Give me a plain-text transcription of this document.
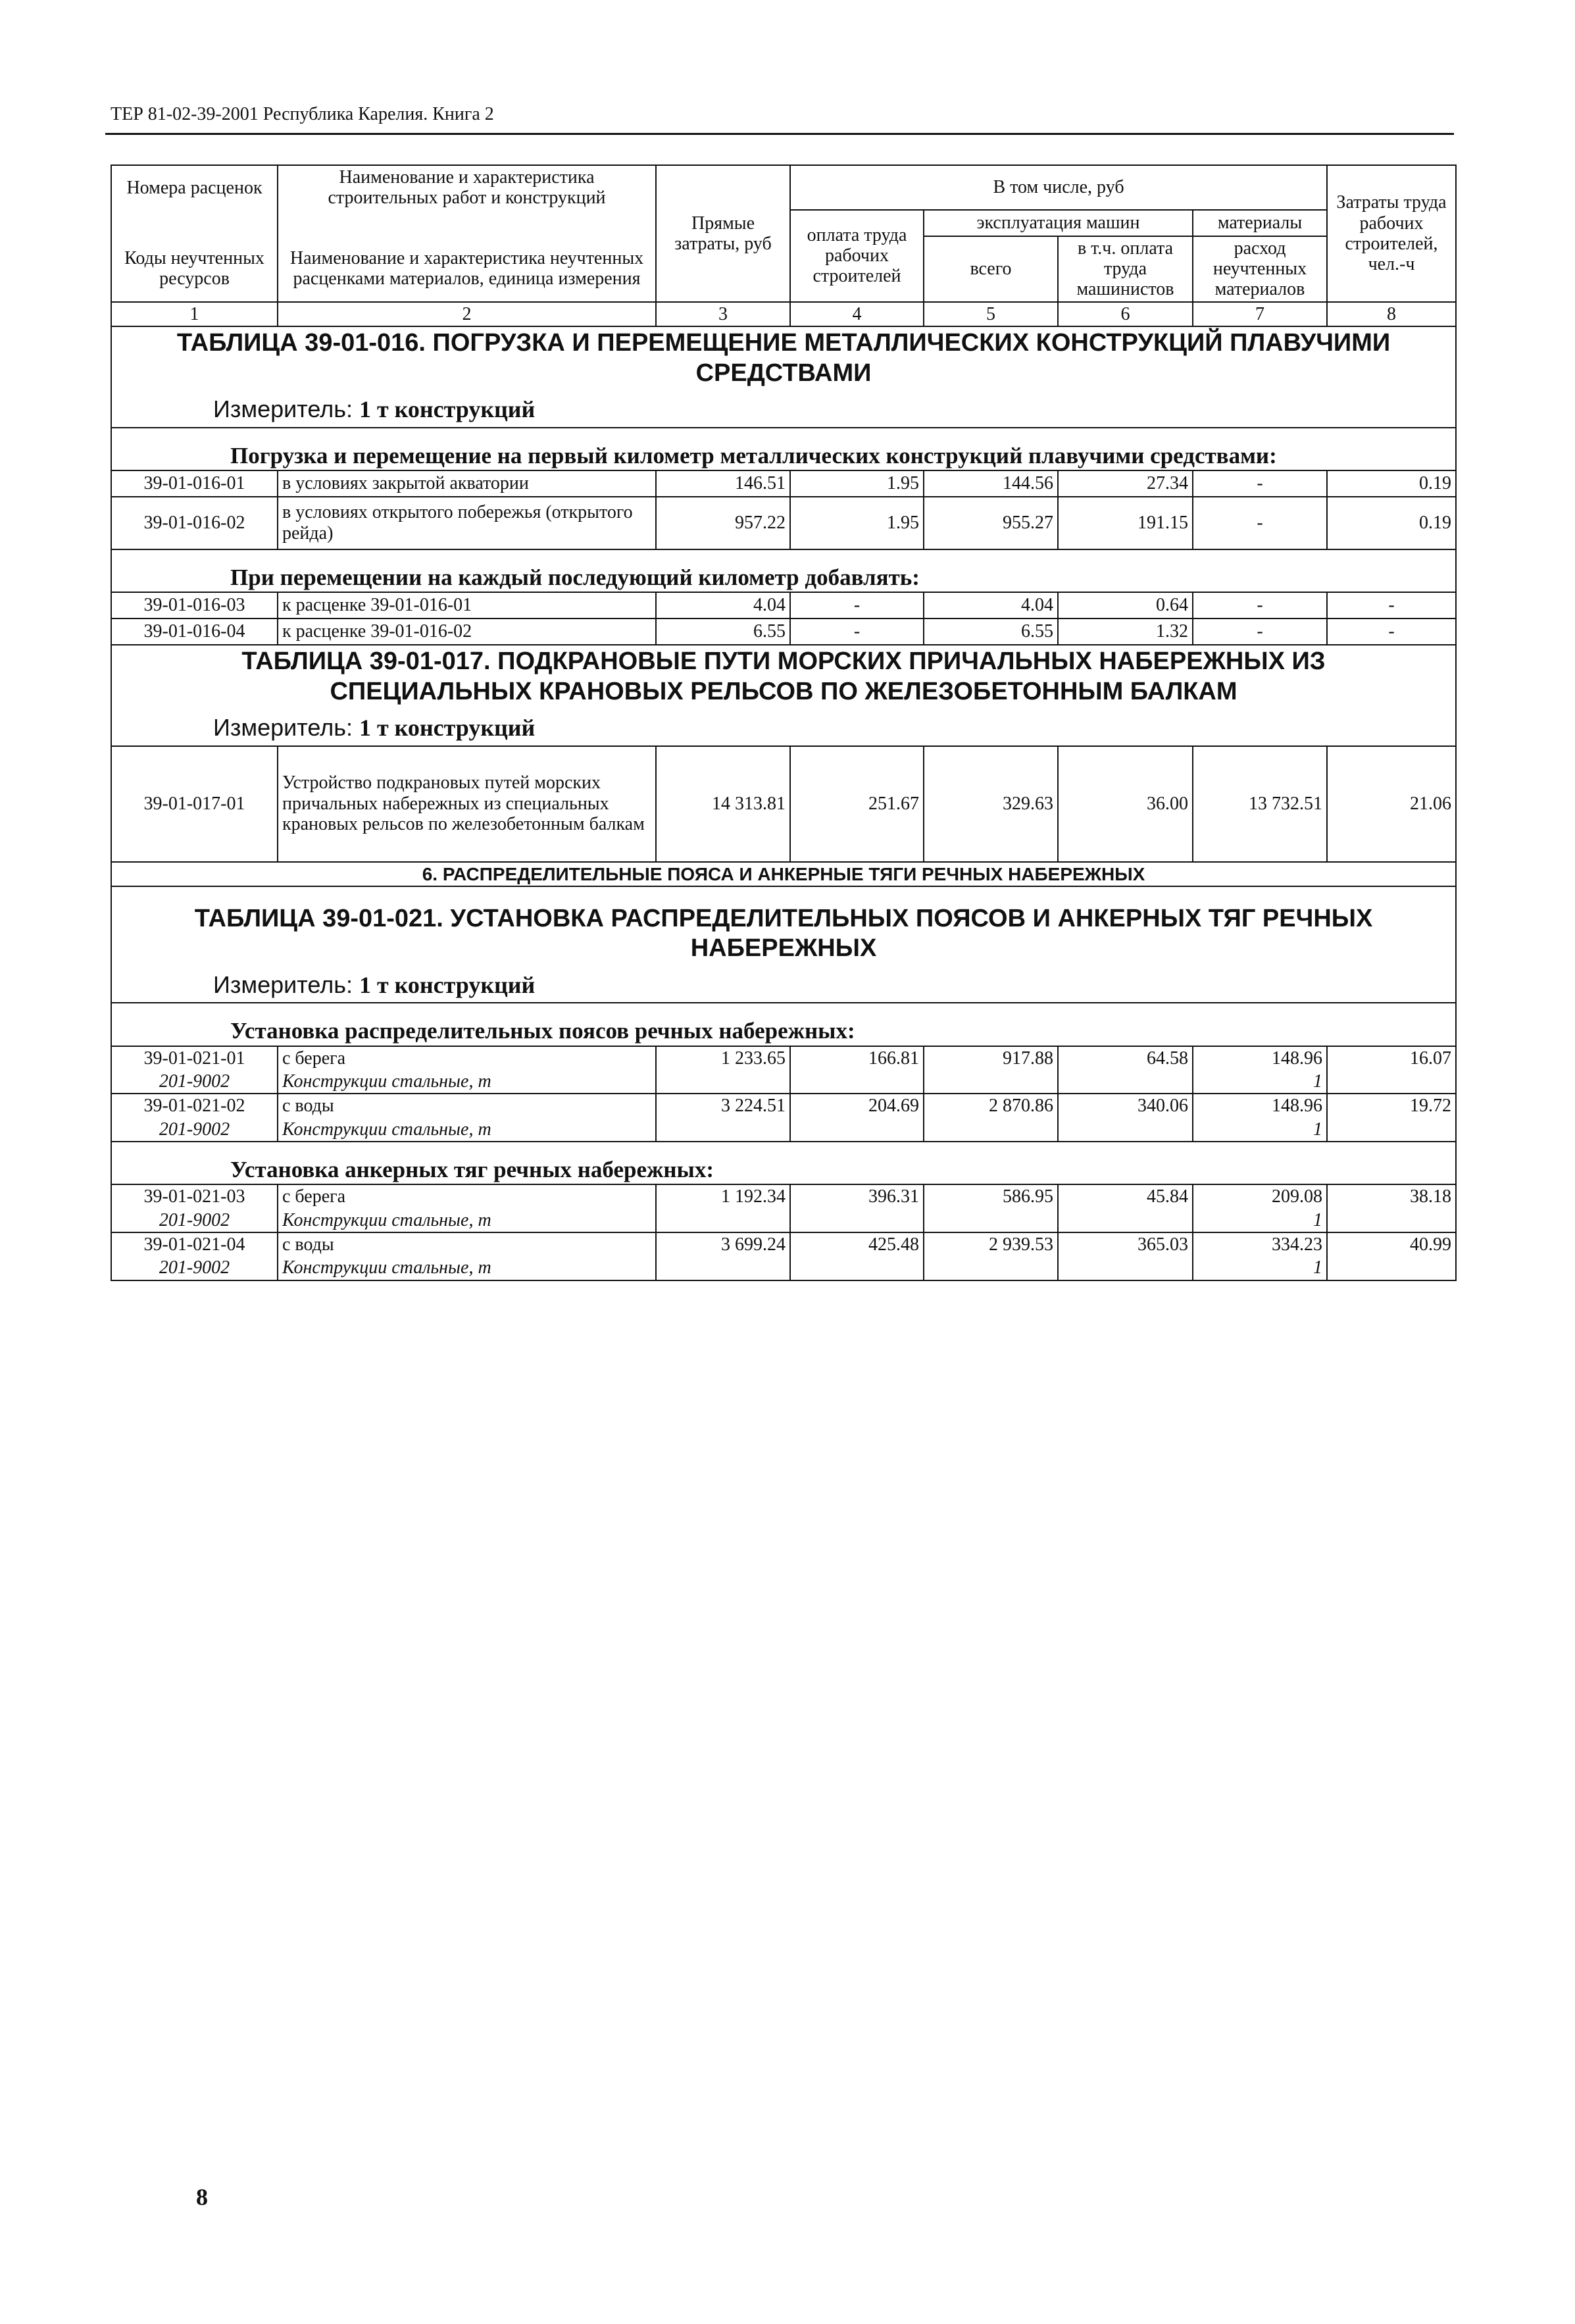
ТЕР 81-02-39-2001 Республика Карелия. Книга 2
Номера расценок	Наименование и характеристика строительных работ и конструкций	Прямые затраты, руб	В том числе, руб				Затраты труда рабочих строителей, чел.-ч
			оплата труда рабочих строителей	эксплуатация машин		материалы	
Коды неучтенных ресурсов	Наименование и характеристика неучтенных расценками материалов, единица измерения			всего	в т.ч. оплата труда машинистов	расход неучтенных материалов	
1	2	3	4	5	6	7	8

ТАБЛИЦА 39-01-016. ПОГРУЗКА И ПЕРЕМЕЩЕНИЕ МЕТАЛЛИЧЕСКИХ КОНСТРУКЦИЙ ПЛАВУЧИМИ СРЕДСТВАМИ
Измеритель: 1 т конструкций							

Погрузка и перемещение на первый километр металлических конструкций плавучими средствами:							
39-01-016-01	в условиях закрытой акватории	146.51	1.95	144.56	27.34	-	0.19
39-01-016-02	в условиях открытого побережья (открытого рейда)	957.22	1.95	955.27	191.15	-	0.19
При перемещении на каждый последующий километр добавлять:							
39-01-016-03	к расценке 39-01-016-01	4.04	-	4.04	0.64	-	-
39-01-016-04	к расценке 39-01-016-02	6.55	-	6.55	1.32	-	-

ТАБЛИЦА 39-01-017. ПОДКРАНОВЫЕ ПУТИ МОРСКИХ ПРИЧАЛЬНЫХ НАБЕРЕЖНЫХ ИЗ СПЕЦИАЛЬНЫХ КРАНОВЫХ РЕЛЬСОВ ПО ЖЕЛЕЗОБЕТОННЫМ БАЛКАМ
Измеритель: 1 т конструкций							

39-01-017-01	Устройство подкрановых путей морских причальных набережных из специальных крановых рельсов по железобетонным балкам	14 313.81	251.67	329.63	36.00	13 732.51	21.06
6. РАСПРЕДЕЛИТЕЛЬНЫЕ ПОЯСА И АНКЕРНЫЕ ТЯГИ РЕЧНЫХ НАБЕРЕЖНЫХ							

ТАБЛИЦА 39-01-021. УСТАНОВКА РАСПРЕДЕЛИТЕЛЬНЫХ ПОЯСОВ И АНКЕРНЫХ ТЯГ РЕЧНЫХ НАБЕРЕЖНЫХ
Измеритель: 1 т конструкций							

Установка распределительных поясов речных набережных:							
39-01-021-01	с берега	1 233.65	166.81	917.88	64.58	148.96	16.07
201-9002	Конструкции стальные, т					1	
39-01-021-02	с воды	3 224.51	204.69	2 870.86	340.06	148.96	19.72
201-9002	Конструкции стальные, т					1	
Установка анкерных тяг речных набережных:							
39-01-021-03	с берега	1 192.34	396.31	586.95	45.84	209.08	38.18
201-9002	Конструкции стальные, т					1	
39-01-021-04	с воды	3 699.24	425.48	2 939.53	365.03	334.23	40.99
201-9002	Конструкции стальные, т					1	
8
